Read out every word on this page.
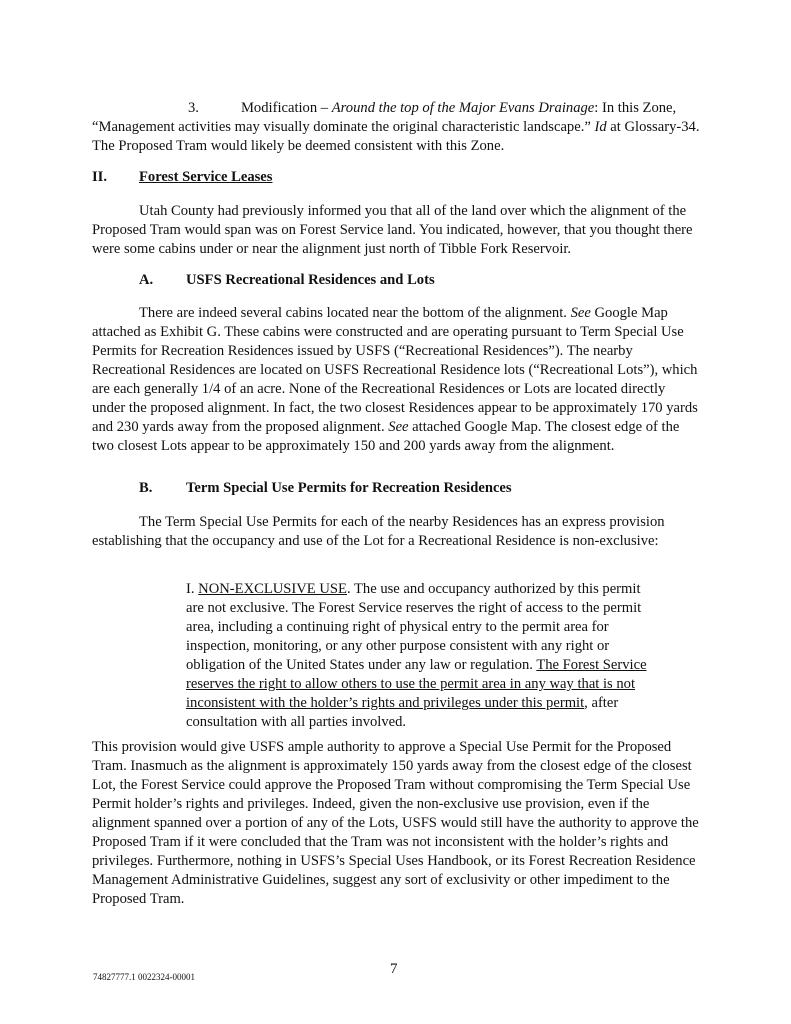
3.	Modification – Around the top of the Major Evans Drainage: In this Zone, “Management activities may visually dominate the original characteristic landscape.” Id at Glossary-34. The Proposed Tram would likely be deemed consistent with this Zone.

II. Forest Service Leases

Utah County had previously informed you that all of the land over which the alignment of the Proposed Tram would span was on Forest Service land. You indicated, however, that you thought there were some cabins under or near the alignment just north of Tibble Fork Reservoir.

A. USFS Recreational Residences and Lots

There are indeed several cabins located near the bottom of the alignment. See Google Map attached as Exhibit G. These cabins were constructed and are operating pursuant to Term Special Use Permits for Recreation Residences issued by USFS (“Recreational Residences”). The nearby Recreational Residences are located on USFS Recreational Residence lots (“Recreational Lots”), which are each generally 1/4 of an acre. None of the Recreational Residences or Lots are located directly under the proposed alignment. In fact, the two closest Residences appear to be approximately 170 yards and 230 yards away from the proposed alignment. See attached Google Map. The closest edge of the two closest Lots appear to be approximately 150 and 200 yards away from the alignment.

B. Term Special Use Permits for Recreation Residences

The Term Special Use Permits for each of the nearby Residences has an express provision establishing that the occupancy and use of the Lot for a Recreational Residence is non-exclusive:

I. NON-EXCLUSIVE USE. The use and occupancy authorized by this permit are not exclusive. The Forest Service reserves the right of access to the permit area, including a continuing right of physical entry to the permit area for inspection, monitoring, or any other purpose consistent with any right or obligation of the United States under any law or regulation. The Forest Service reserves the right to allow others to use the permit area in any way that is not inconsistent with the holder’s rights and privileges under this permit, after consultation with all parties involved.

This provision would give USFS ample authority to approve a Special Use Permit for the Proposed Tram. Inasmuch as the alignment is approximately 150 yards away from the closest edge of the closest Lot, the Forest Service could approve the Proposed Tram without compromising the Term Special Use Permit holder’s rights and privileges. Indeed, given the non-exclusive use provision, even if the alignment spanned over a portion of any of the Lots, USFS would still have the authority to approve the Proposed Tram if it were concluded that the Tram was not inconsistent with the holder’s rights and privileges. Furthermore, nothing in USFS’s Special Uses Handbook, or its Forest Recreation Residence Management Administrative Guidelines, suggest any sort of exclusivity or other impediment to the Proposed Tram.

74827777.1 0022324-00001	7
